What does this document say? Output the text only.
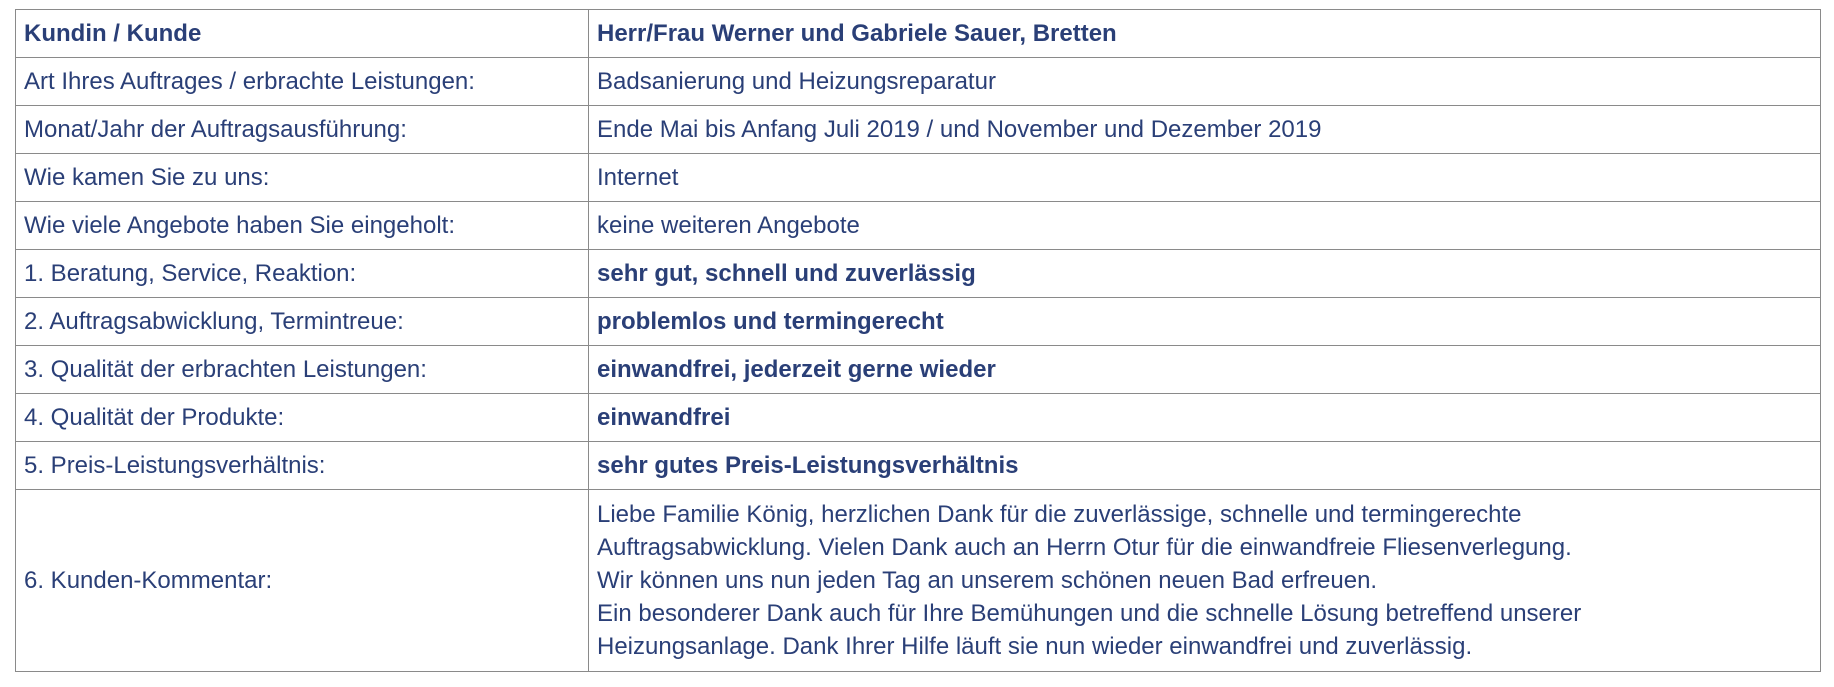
Kundin / Kunde	Herr/Frau Werner und Gabriele Sauer, Bretten
Art Ihres Auftrages / erbrachte Leistungen:	Badsanierung und Heizungsreparatur
Monat/Jahr der Auftragsausführung:	Ende Mai bis Anfang Juli 2019 / und November und Dezember 2019
Wie kamen Sie zu uns:	Internet
Wie viele Angebote haben Sie eingeholt:	keine weiteren Angebote
1. Beratung, Service, Reaktion:	sehr gut, schnell und zuverlässig
2. Auftragsabwicklung, Termintreue:	problemlos und termingerecht
3. Qualität der erbrachten Leistungen:	einwandfrei, jederzeit gerne wieder
4. Qualität der Produkte:	einwandfrei
5. Preis-Leistungsverhältnis:	sehr gutes Preis-Leistungsverhältnis
6. Kunden-Kommentar:	Liebe Familie König, herzlichen Dank für die zuverlässige, schnelle und termingerechte
Auftragsabwicklung. Vielen Dank auch an Herrn Otur für die einwandfreie Fliesenverlegung.
Wir können uns nun jeden Tag an unserem schönen neuen Bad erfreuen.
Ein besonderer Dank auch für Ihre Bemühungen und die schnelle Lösung betreffend unserer
Heizungsanlage. Dank Ihrer Hilfe läuft sie nun wieder einwandfrei und zuverlässig.
